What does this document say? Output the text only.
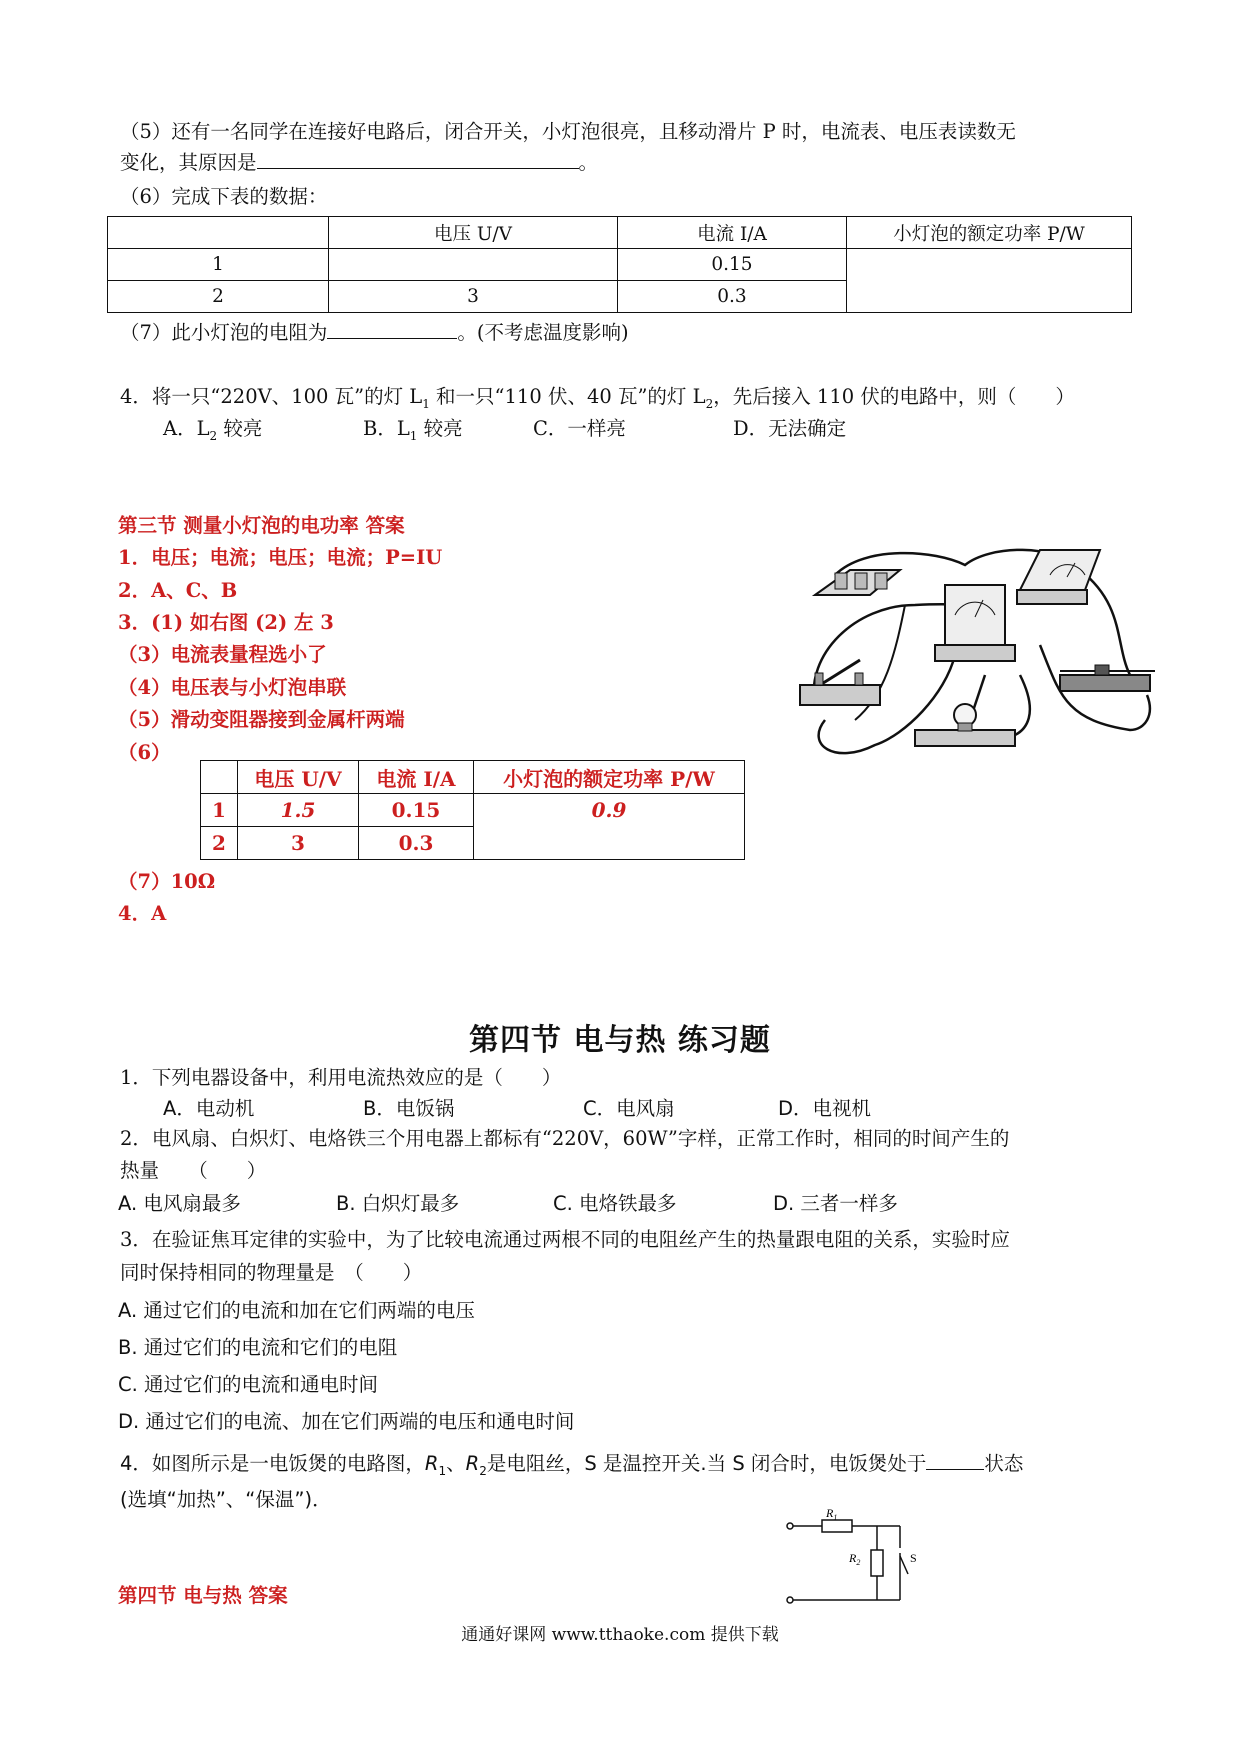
（5）还有一名同学在连接好电路后，闭合开关，小灯泡很亮，且移动滑片 P 时，电流表、电压表读数无
变化，其原因是	。
（6）完成下表的数据：
	电压 U/V	电流 I/A	小灯泡的额定功率 P/W
1		0.15	
2	3	0.3	
（7）此小灯泡的电阻为	。(不考虑温度影响)
4．将一只“220V、100 瓦”的灯 $L_1$ 和一只“110 伏、40 瓦”的灯 $L_2$，先后接入 110 伏的电路中，则（　　）
A．$L_2$ 较亮	B．$L_1$ 较亮	C．一样亮	D．无法确定
第三节 测量小灯泡的电功率 答案
1．电压；电流；电压；电流；P=IU
2．A、C、B
3．(1) 如右图 (2) 左 3
（3）电流表量程选小了
（4）电压表与小灯泡串联
（5）滑动变阻器接到金属杆两端
（6）
	电压 U/V	电流 I/A	小灯泡的额定功率 P/W
1	1.5	0.15	0.9
2	3	0.3	
（7）10Ω
4．A
第四节 电与热 练习题
1．下列电器设备中，利用电流热效应的是（　　）
A．电动机	B．电饭锅	C．电风扇	D．电视机
2．电风扇、白炽灯、电烙铁三个用电器上都标有“220V，60W”字样，正常工作时，相同的时间产生的
热量　　（　　）
A. 电风扇最多	B. 白炽灯最多	C. 电烙铁最多	D. 三者一样多
3．在验证焦耳定律的实验中，为了比较电流通过两根不同的电阻丝产生的热量跟电阻的关系，实验时应
同时保持相同的物理量是　（　　）
A. 通过它们的电流和加在它们两端的电压
B. 通过它们的电流和它们的电阻
C. 通过它们的电流和通电时间
D. 通过它们的电流、加在它们两端的电压和通电时间
4．如图所示是一电饭煲的电路图，$R_1$、$R_2$是电阻丝，S 是温控开关.当 S 闭合时，电饭煲处于	状态
(选填“加热”、“保温”)．
$R_1$
$R_2$	S
第四节 电与热 答案
通通好课网 www.tthaoke.com 提供下载
